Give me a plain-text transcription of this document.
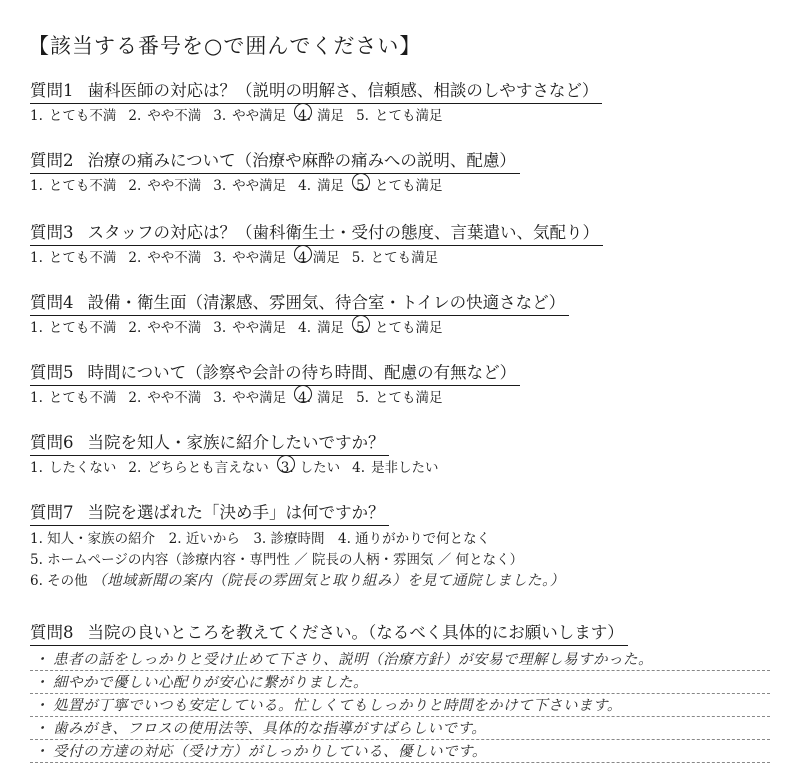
【該当する番号を○で囲んでください】
質問1 歯科医師の対応は？（説明の明解さ、信頼感、相談のしやすさなど）
1. とても不満 2. やや不満 3. やや満足 4. 満足 5. とても満足
質問2 治療の痛みについて（治療や麻酔の痛みへの説明、配慮）
1. とても不満 2. やや不満 3. やや満足 4. 満足 5. とても満足
質問3 スタッフの対応は？（歯科衛生士・受付の態度、言葉遣い、気配り）
1. とても不満 2. やや不満 3. やや満足 4 満足 5. とても満足
質問4 設備・衛生面（清潔感、雰囲気、待合室・トイレの快適さなど）
1. とても不満 2. やや不満 3. やや満足 4. 満足 5. とても満足
質問5 時間について（診察や会計の待ち時間、配慮の有無など）
1. とても不満 2. やや不満 3. やや満足 4. 満足 5. とても満足
質問6 当院を知人・家族に紹介したいですか？
1. したくない 2. どちらとも言えない 3. したい 4. 是非したい
質問7 当院を選ばれた「決め手」は何ですか？
1. 知人・家族の紹介　2. 近いから　3. 診療時間　4. 通りがかりで何となく
5. ホームページの内容（診療内容・専門性 ／ 院長の人柄・雰囲気 ／ 何となく）
6. その他 （地域新聞の案内（院長の雰囲気と取り組み）を見て通院しました。）
質問8 当院の良いところを教えてください。（なるべく具体的にお願いします）
・ 患者の話をしっかりと受け止めて下さり、説明（治療方針）が安易で理解し易すかった。
・ 細やかで優しい心配りが安心に繋がりました。
・ 処置が丁寧でいつも安定している。忙しくてもしっかりと時間をかけて下さいます。
・ 歯みがき、フロスの使用法等、具体的な指導がすばらしいです。
・ 受付の方達の対応（受け方）がしっかりしている、優しいです。
